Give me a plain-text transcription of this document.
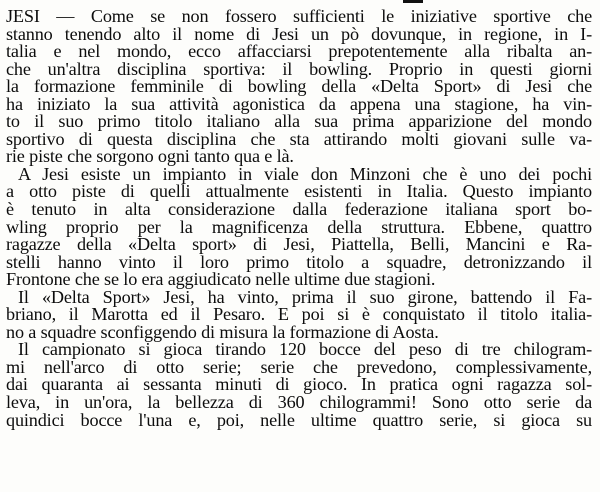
JESI — Come se non fossero sufficienti le iniziative sportive che
stanno tenendo alto il nome di Jesi un pò dovunque, in regione, in I-
talia e nel mondo, ecco affacciarsi prepotentemente alla ribalta an-
che un'altra disciplina sportiva: il bowling. Proprio in questi giorni
la formazione femminile di bowling della «Delta Sport» di Jesi che
ha iniziato la sua attività agonistica da appena una stagione, ha vin-
to il suo primo titolo italiano alla sua prima apparizione del mondo
sportivo di questa disciplina che sta attirando molti giovani sulle va-
rie piste che sorgono ogni tanto qua e là.
A Jesi esiste un impianto in viale don Minzoni che è uno dei pochi
a otto piste di quelli attualmente esistenti in Italia. Questo impianto
è tenuto in alta considerazione dalla federazione italiana sport bo-
wling proprio per la magnificenza della struttura. Ebbene, quattro
ragazze della «Delta sport» di Jesi, Piattella, Belli, Mancini e Ra-
stelli hanno vinto il loro primo titolo a squadre, detronizzando il
Frontone che se lo era aggiudicato nelle ultime due stagioni.
Il «Delta Sport» Jesi, ha vinto, prima il suo girone, battendo il Fa-
briano, il Marotta ed il Pesaro. E poi si è conquistato il titolo italia-
no a squadre sconfiggendo di misura la formazione di Aosta.
Il campionato si gioca tirando 120 bocce del peso di tre chilogram-
mi nell'arco di otto serie; serie che prevedono, complessivamente,
dai quaranta ai sessanta minuti di gioco. In pratica ogni ragazza sol-
leva, in un'ora, la bellezza di 360 chilogrammi! Sono otto serie da
quindici bocce l'una e, poi, nelle ultime quattro serie, si gioca su
